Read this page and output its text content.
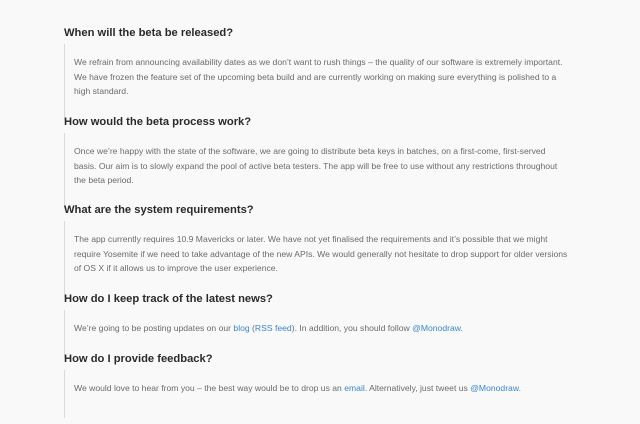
When will the beta be released?

We refrain from announcing availability dates as we don’t want to rush things – the quality of our software is extremely important. We have frozen the feature set of the upcoming beta build and are currently working on making sure everything is polished to a high standard.

How would the beta process work?

Once we’re happy with the state of the software, we are going to distribute beta keys in batches, on a first-come, first-served basis. Our aim is to slowly expand the pool of active beta testers. The app will be free to use without any restrictions throughout the beta period.

What are the system requirements?

The app currently requires 10.9 Mavericks or later. We have not yet finalised the requirements and it’s possible that we might require Yosemite if we need to take advantage of the new APIs. We would generally not hesitate to drop support for older versions of OS X if it allows us to improve the user experience.

How do I keep track of the latest news?

We’re going to be posting updates on our blog (RSS feed). In addition, you should follow @Monodraw.

How do I provide feedback?

We would love to hear from you – the best way would be to drop us an email. Alternatively, just tweet us @Monodraw.
